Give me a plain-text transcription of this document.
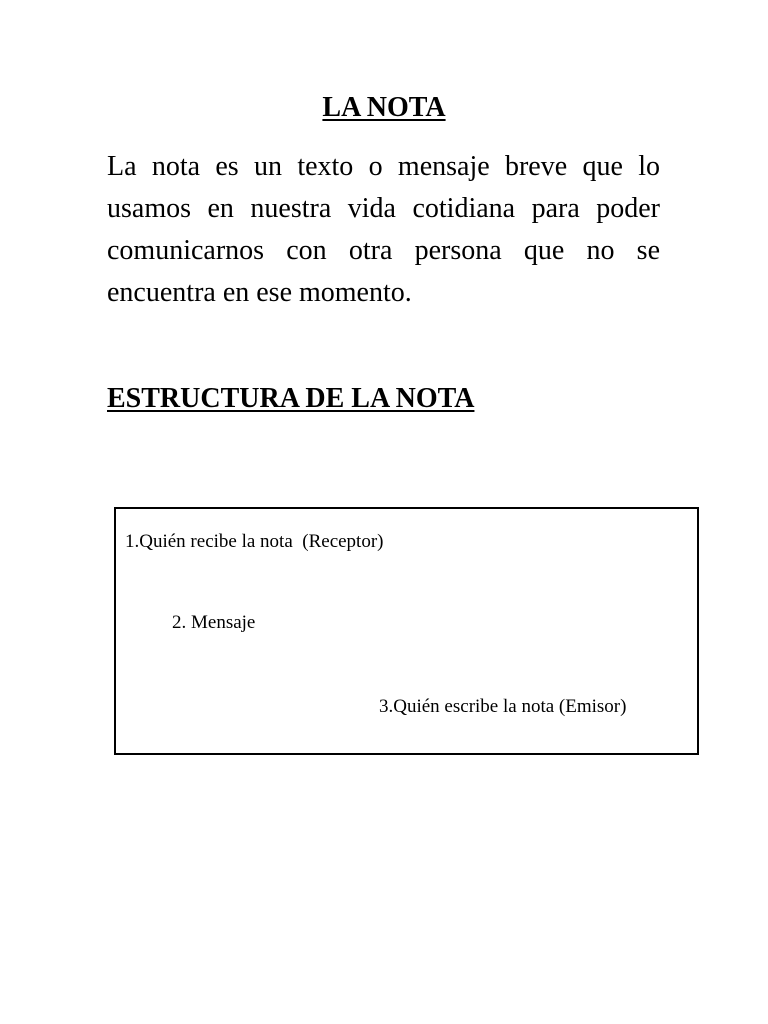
LA NOTA

La nota es un texto o mensaje breve que lo usamos en nuestra vida cotidiana para poder comunicarnos con otra persona que no se encuentra en ese momento.

ESTRUCTURA DE LA NOTA

1.Quién recibe la nota  (Receptor)

2. Mensaje

3.Quién escribe la nota (Emisor)
